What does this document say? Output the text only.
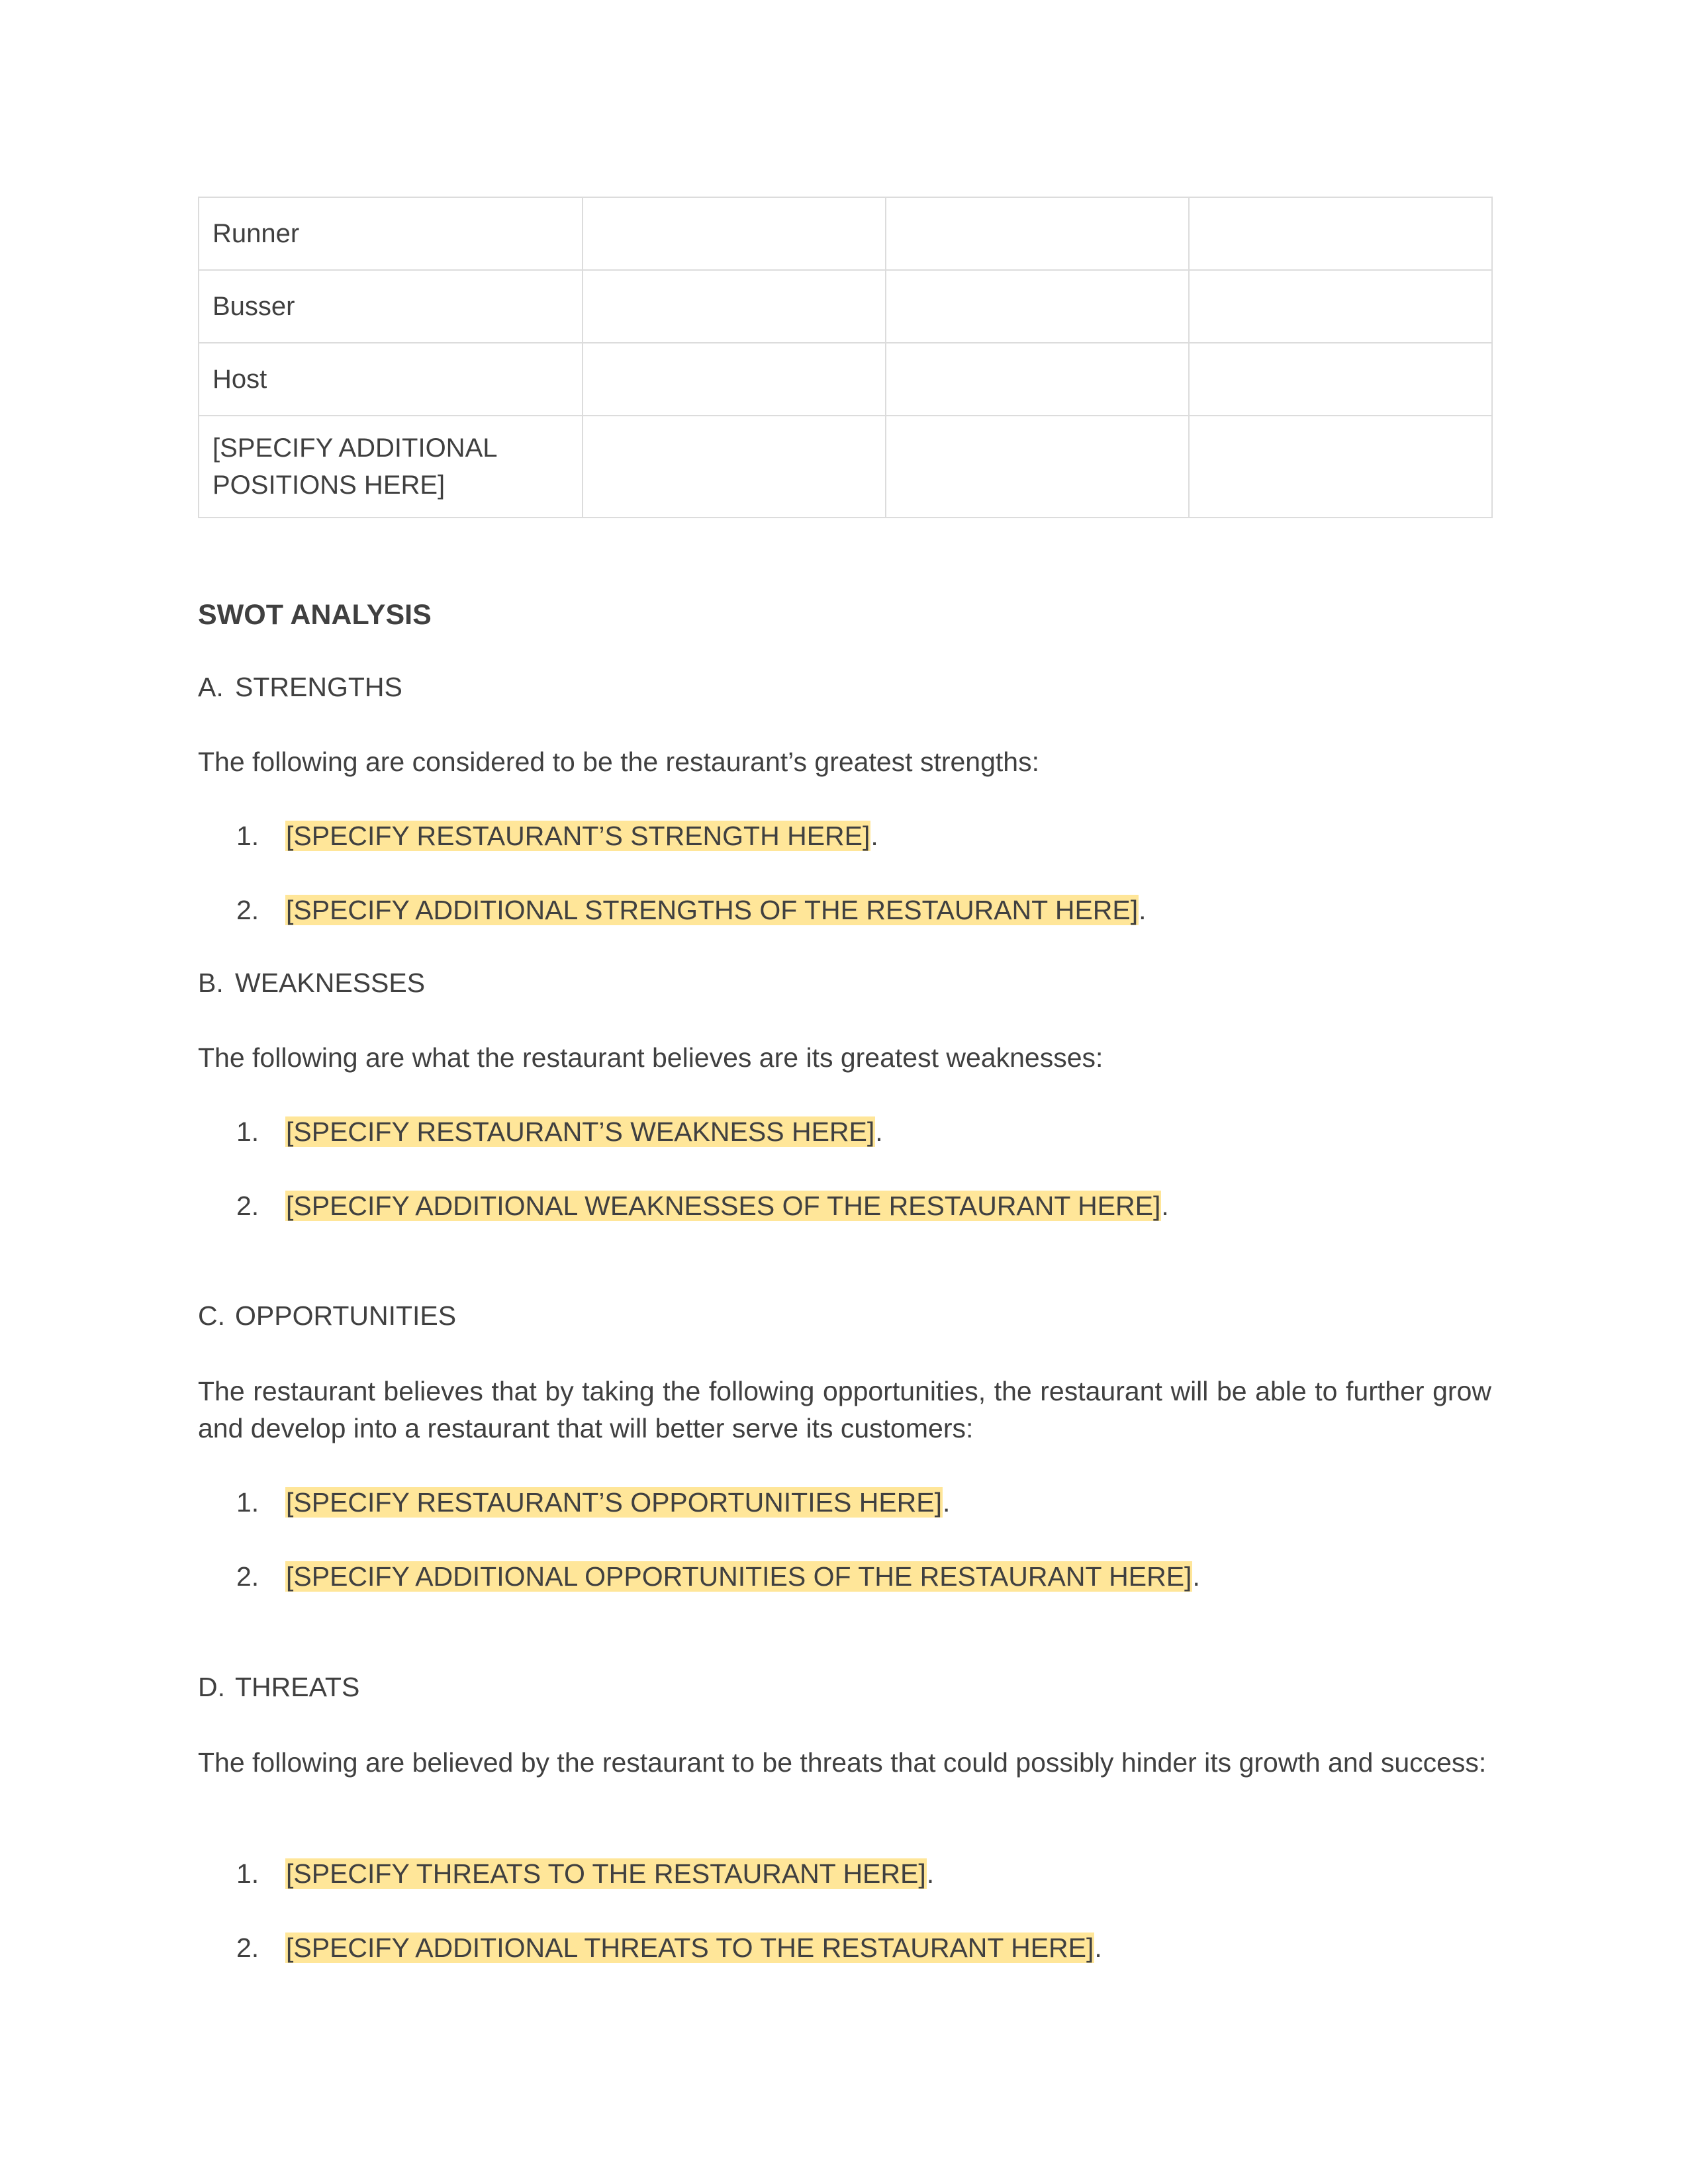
Runner			
Busser			
Host			
[SPECIFY ADDITIONAL POSITIONS HERE]			
SWOT ANALYSIS
A. STRENGTHS
The following are considered to be the restaurant’s greatest strengths:
1. [SPECIFY RESTAURANT’S STRENGTH HERE].
2. [SPECIFY ADDITIONAL STRENGTHS OF THE RESTAURANT HERE].
B. WEAKNESSES
The following are what the restaurant believes are its greatest weaknesses:
1. [SPECIFY RESTAURANT’S WEAKNESS HERE].
2. [SPECIFY ADDITIONAL WEAKNESSES OF THE RESTAURANT HERE].
C. OPPORTUNITIES
The restaurant believes that by taking the following opportunities, the restaurant will be able to further grow and develop into a restaurant that will better serve its customers:
1. [SPECIFY RESTAURANT’S OPPORTUNITIES HERE].
2. [SPECIFY ADDITIONAL OPPORTUNITIES OF THE RESTAURANT HERE].
D. THREATS
The following are believed by the restaurant to be threats that could possibly hinder its growth and success:
1. [SPECIFY THREATS TO THE RESTAURANT HERE].
2. [SPECIFY ADDITIONAL THREATS TO THE RESTAURANT HERE].
